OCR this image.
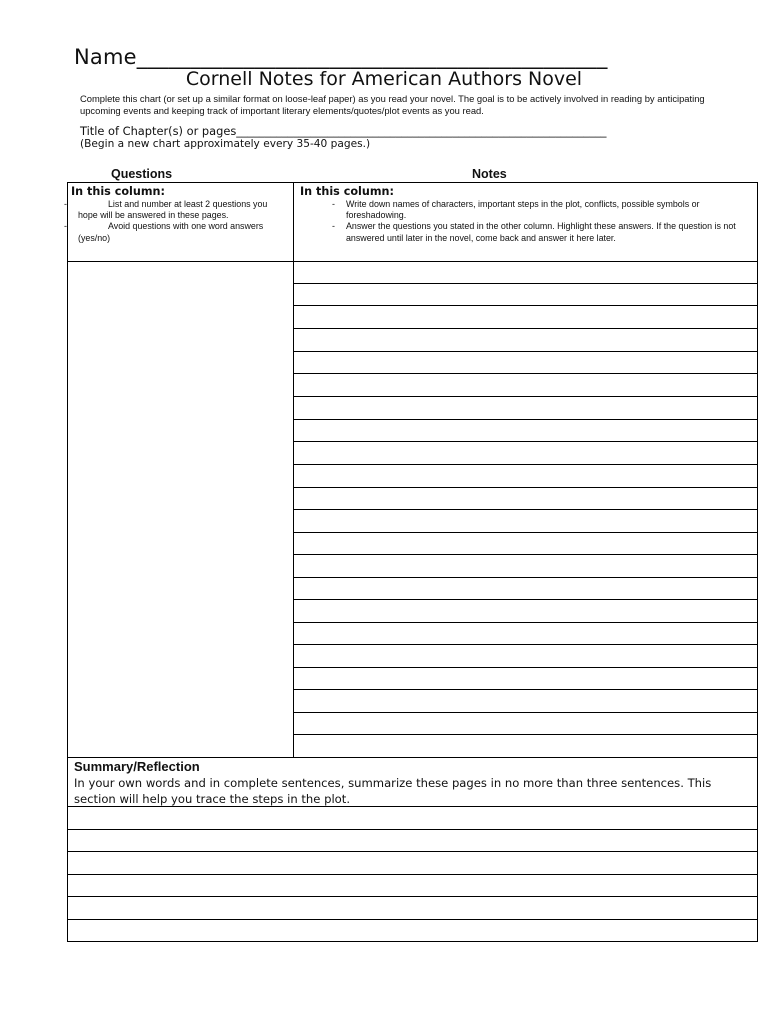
Name____________________________________________
Cornell Notes for American Authors Novel
Complete this chart (or set up a similar format on loose-leaf paper) as you read your novel. The goal is to be actively involved in reading by anticipating upcoming events and keeping track of important literary elements/quotes/plot events as you read.
Title of Chapter(s) or pages_________________________________________________________________
(Begin a new chart approximately every 35-40 pages.)
Questions	Notes
In this column:
-	List and number at least 2 questions you hope will be answered in these pages.
-	Avoid questions with one word answers (yes/no)
In this column:
- Write down names of characters, important steps in the plot, conflicts, possible symbols or foreshadowing.
- Answer the questions you stated in the other column. Highlight these answers. If the question is not answered until later in the novel, come back and answer it here later.
Summary/Reflection
In your own words and in complete sentences, summarize these pages in no more than three sentences. This section will help you trace the steps in the plot.
